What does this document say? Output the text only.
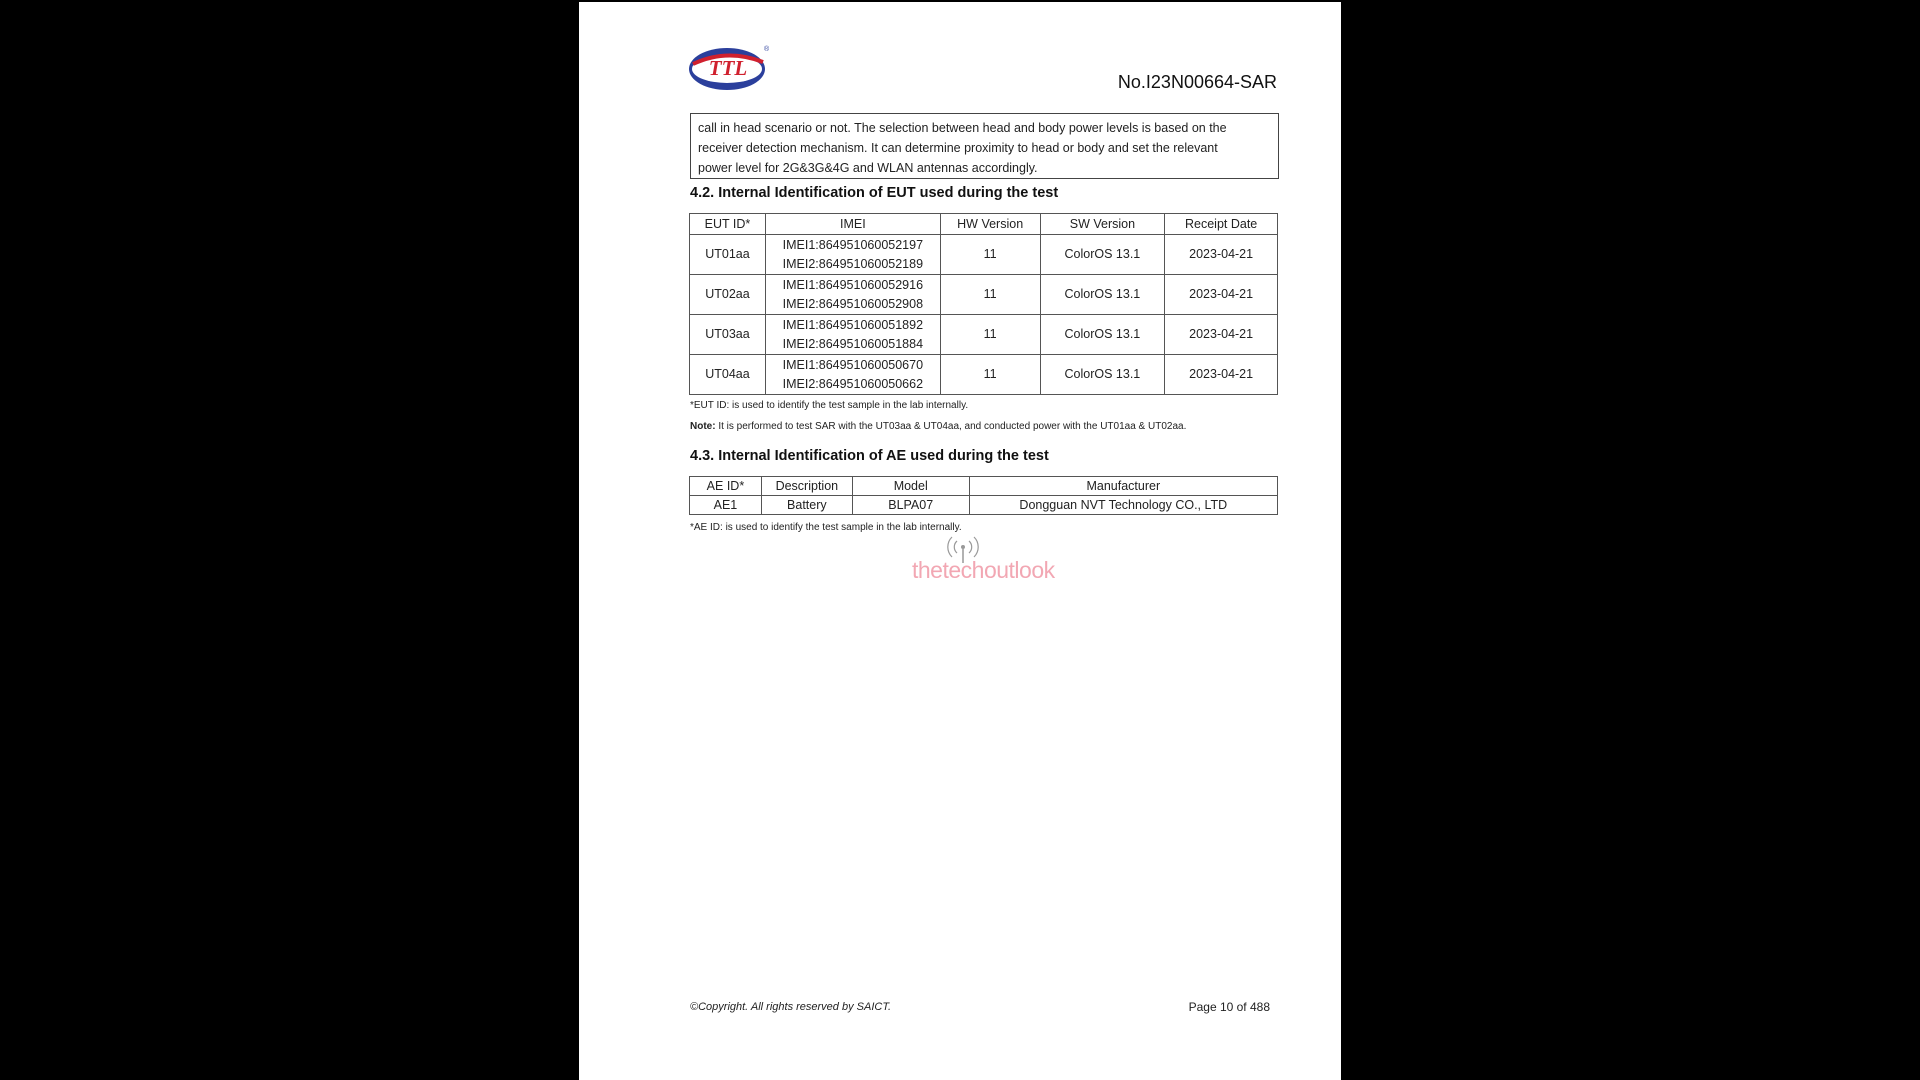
TTL
®
No.I23N00664-SAR
call in head scenario or not. The selection between head and body power levels is based on the
receiver detection mechanism. It can determine proximity to head or body and set the relevant
power level for 2G&3G&4G and WLAN antennas accordingly.
4.2. Internal Identification of EUT used during the test
EUT ID*	IMEI	HW Version	SW Version	Receipt Date
UT01aa	IMEI1:864951060052197
IMEI2:864951060052189	11	ColorOS 13.1	2023-04-21
UT02aa	IMEI1:864951060052916
IMEI2:864951060052908	11	ColorOS 13.1	2023-04-21
UT03aa	IMEI1:864951060051892
IMEI2:864951060051884	11	ColorOS 13.1	2023-04-21
UT04aa	IMEI1:864951060050670
IMEI2:864951060050662	11	ColorOS 13.1	2023-04-21
*EUT ID: is used to identify the test sample in the lab internally.
Note: It is performed to test SAR with the UT03aa & UT04aa, and conducted power with the UT01aa & UT02aa.
4.3. Internal Identification of AE used during the test
AE ID*	Description	Model	Manufacturer
AE1	Battery	BLPA07	Dongguan NVT Technology CO., LTD
*AE ID: is used to identify the test sample in the lab internally.
thetechoutlook
©Copyright. All rights reserved by SAICT.	Page 10 of 488
